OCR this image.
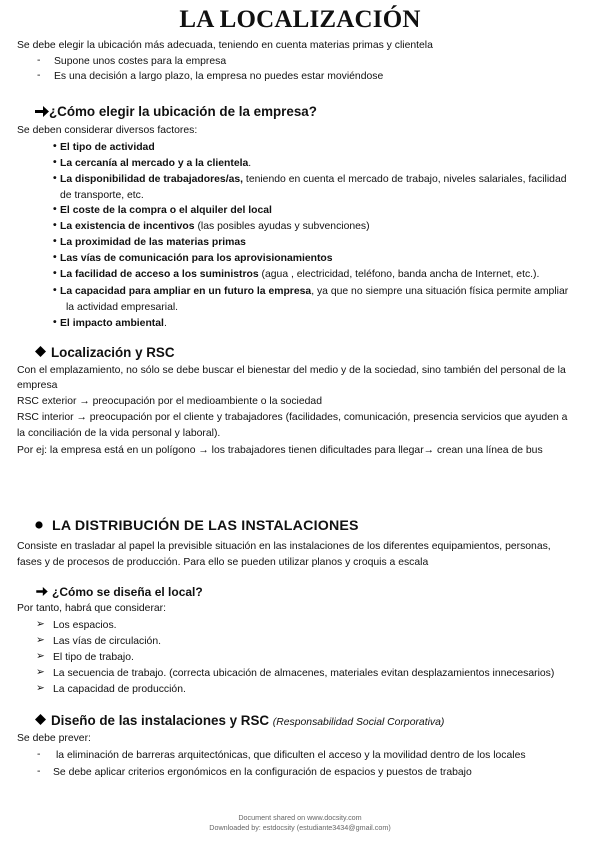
LA LOCALIZACIÓN
Se debe elegir la ubicación más adecuada, teniendo en cuenta materias primas y clientela
- Supone unos costes para la empresa
- Es una decisión a largo plazo, la empresa no puedes estar moviéndose
¿Cómo elegir la ubicación de la empresa?
Se deben considerar diversos factores:
• El tipo de actividad
• La cercanía al mercado y a la clientela.
• La disponibilidad de trabajadores/as, teniendo en cuenta el mercado de trabajo, niveles salariales, facilidad
de transporte, etc.
• El coste de la compra o el alquiler del local
• La existencia de incentivos (las posibles ayudas y subvenciones)
• La proximidad de las materias primas
• Las vías de comunicación para los aprovisionamientos
• La facilidad de acceso a los suministros (agua , electricidad, teléfono, banda ancha de Internet, etc.).
• La capacidad para ampliar en un futuro la empresa, ya que no siempre una situación física permite ampliar
la actividad empresarial.
• El impacto ambiental.
Localización y RSC
Con el emplazamiento, no sólo se debe buscar el bienestar del medio y de la sociedad, sino también del personal de la
empresa
RSC exterior → preocupación por el medioambiente o la sociedad
RSC interior → preocupación por el cliente y trabajadores (facilidades, comunicación, presencia servicios que ayuden a
la conciliación de la vida personal y laboral).
Por ej: la empresa está en un polígono → los trabajadores tienen dificultades para llegar→ crean una línea de bus
LA DISTRIBUCIÓN DE LAS INSTALACIONES
Consiste en trasladar al papel la previsible situación en las instalaciones de los diferentes equipamientos, personas,
fases y de procesos de producción. Para ello se pueden utilizar planos y croquis a escala
¿Cómo se diseña el local?
Por tanto, habrá que considerar:
➢ Los espacios.
➢ Las vías de circulación.
➢ El tipo de trabajo.
➢ La secuencia de trabajo. (correcta ubicación de almacenes, materiales evitan desplazamientos innecesarios)
➢ La capacidad de producción.
Diseño de las instalaciones y RSC (Responsabilidad Social Corporativa)
Se debe prever:
- la eliminación de barreras arquitectónicas, que dificulten el acceso y la movilidad dentro de los locales
- Se debe aplicar criterios ergonómicos en la configuración de espacios y puestos de trabajo
Document shared on www.docsity.com
Downloaded by: estdocsity (estudiante3434@gmail.com)
